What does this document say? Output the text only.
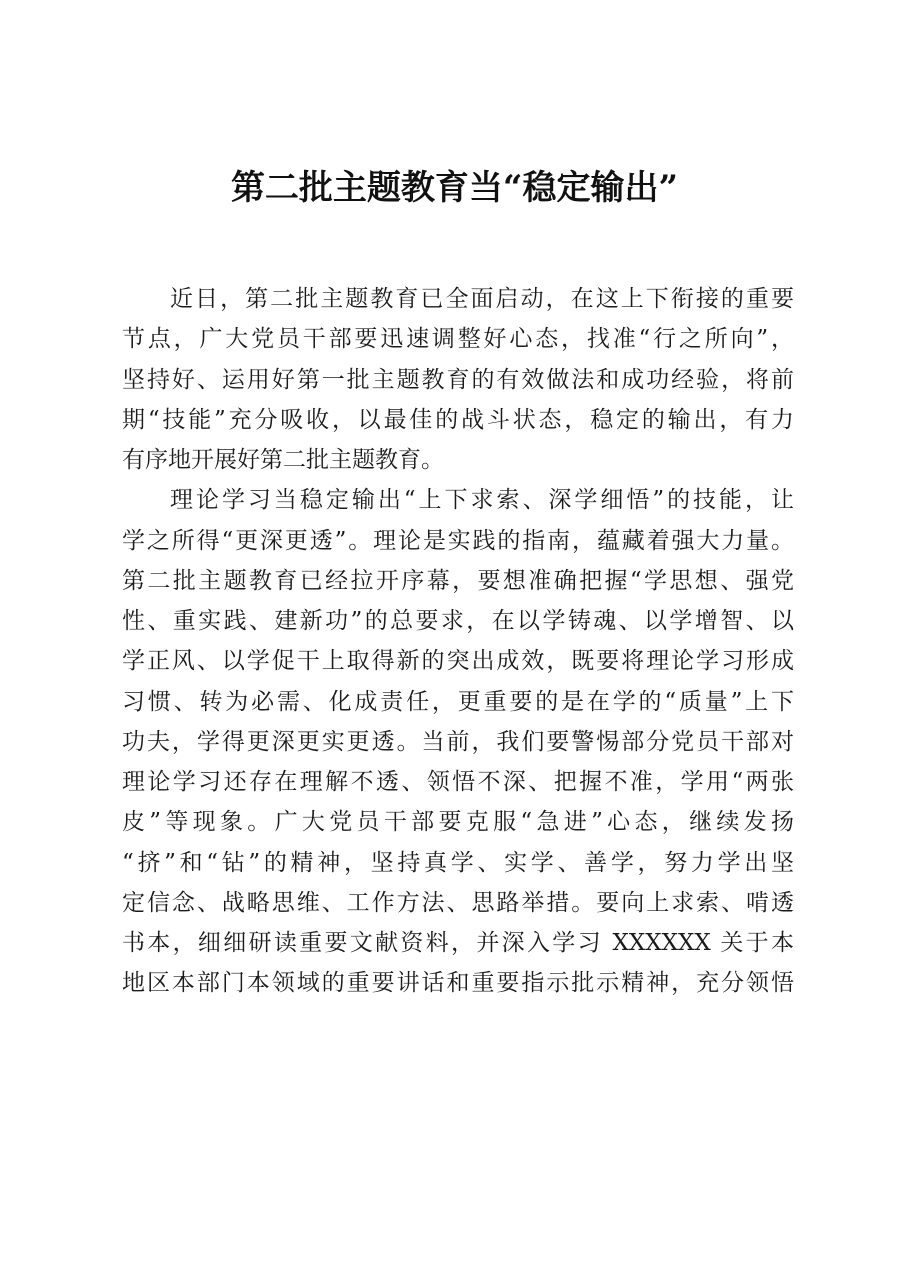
第二批主题教育当“稳定输出”
近日，第二批主题教育已全面启动，在这上下衔接的重要
节点，广大党员干部要迅速调整好心态，找准“行之所向”，
坚持好、运用好第一批主题教育的有效做法和成功经验，将前
期“技能”充分吸收，以最佳的战斗状态，稳定的输出，有力
有序地开展好第二批主题教育。
理论学习当稳定输出“上下求索、深学细悟”的技能，让
学之所得“更深更透”。理论是实践的指南，蕴藏着强大力量。
第二批主题教育已经拉开序幕，要想准确把握“学思想、强党
性、重实践、建新功”的总要求，在以学铸魂、以学增智、以
学正风、以学促干上取得新的突出成效，既要将理论学习形成
习惯、转为必需、化成责任，更重要的是在学的“质量”上下
功夫，学得更深更实更透。当前，我们要警惕部分党员干部对
理论学习还存在理解不透、领悟不深、把握不准，学用“两张
皮”等现象。广大党员干部要克服“急进”心态，继续发扬
“挤”和“钻”的精神，坚持真学、实学、善学，努力学出坚
定信念、战略思维、工作方法、思路举措。要向上求索、啃透
书本，细细研读重要文献资料，并深入学习 XXXXXX 关于本
地区本部门本领域的重要讲话和重要指示批示精神，充分领悟
